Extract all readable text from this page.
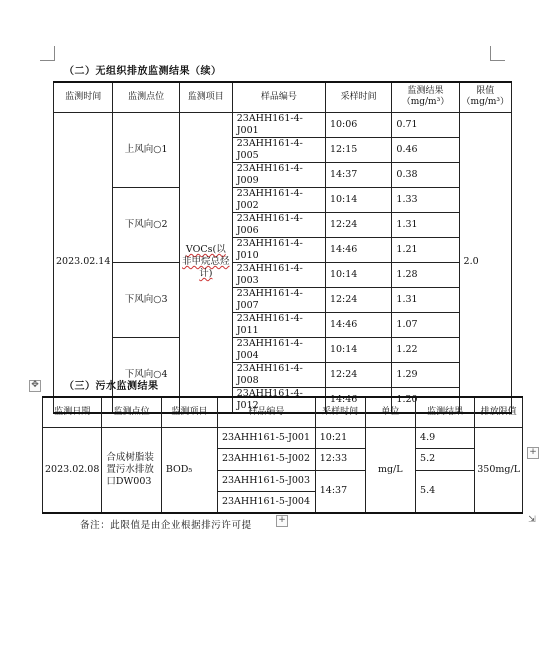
（二）无组织排放监测结果（续）
监测时间	监测点位	监测项目	样品编号	采样时间	监测结果（mg/m³）	限值（mg/m³）
2023.02.14	上风向○1	VOCs(以非甲烷总烃计)	23AHH161-4-J001	10:06	0.71	2.0
			23AHH161-4-J005	12:15	0.46	
			23AHH161-4-J009	14:37	0.38	
	下风向○2		23AHH161-4-J002	10:14	1.33	
			23AHH161-4-J006	12:24	1.31	
			23AHH161-4-J010	14:46	1.21	
	下风向○3		23AHH161-4-J003	10:14	1.28	
			23AHH161-4-J007	12:24	1.31	
			23AHH161-4-J011	14:46	1.07	
	下风向○4		23AHH161-4-J004	10:14	1.22	
			23AHH161-4-J008	12:24	1.29	
			23AHH161-4-J012	14:46	1.20	
✥	（三）污水监测结果
监测日期	监测点位	监测项目	样品编号	采样时间	单位	监测结果	排放限值
2023.02.08	合成树脂装置污水排放口DW003	BOD₅	23AHH161-5-J001	10:21	mg/L	4.9	350mg/L
			23AHH161-5-J002	12:33		5.2	
			23AHH161-5-J003	14:37		5.4	
			23AHH161-5-J004				
+
+	⇲
备注：此限值是由企业根据排污许可提
